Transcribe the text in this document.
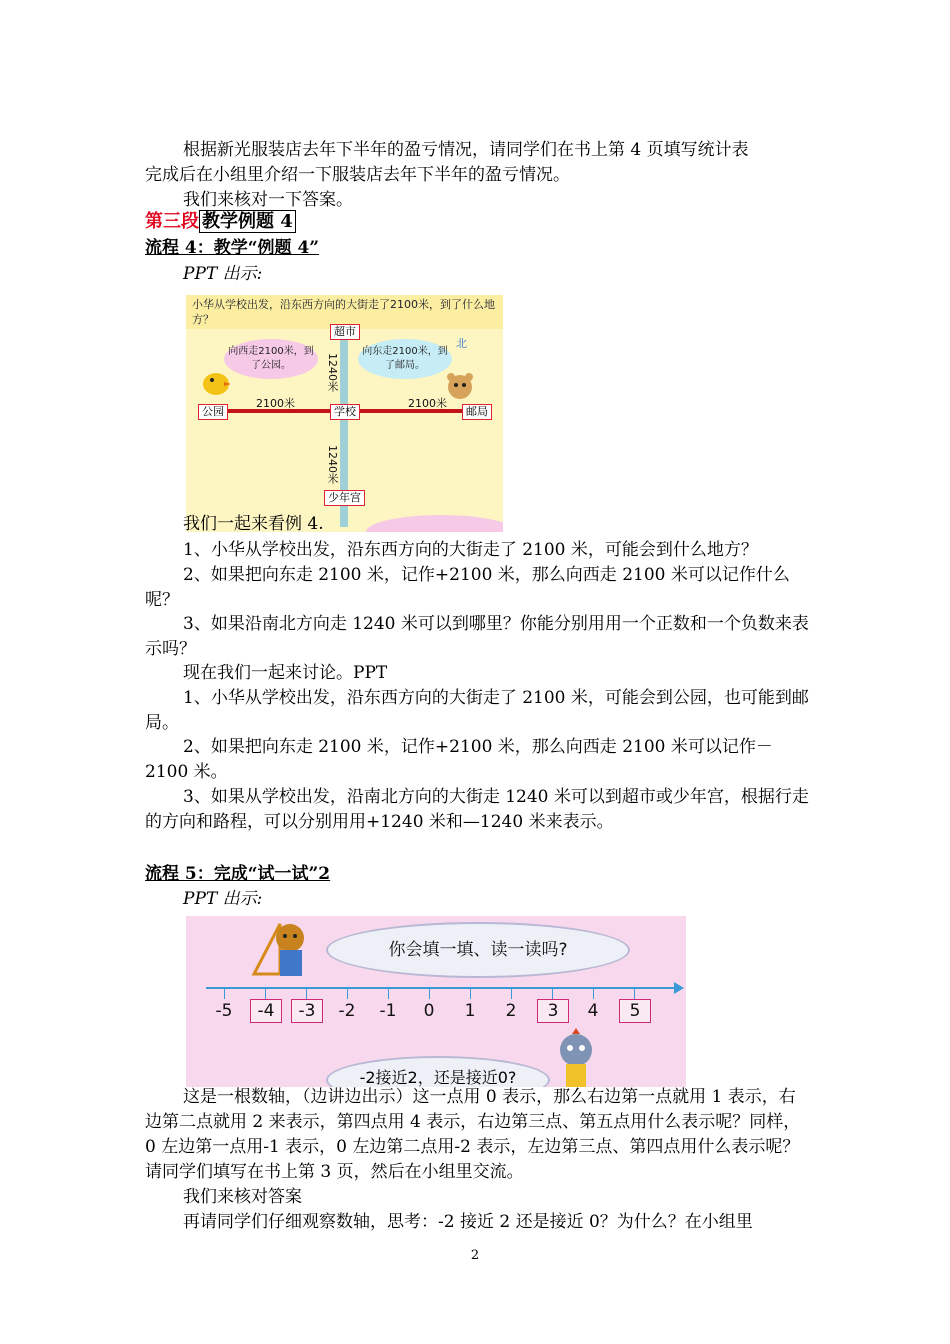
根据新光服装店去年下半年的盈亏情况，请同学们在书上第 4 页填写统计表
完成后在小组里介绍一下服装店去年下半年的盈亏情况。
我们来核对一下答案。
第三段 教学例题 4
流程 4：教学“例题 4”
PPT 出示:
小华从学校出发，沿东西方向的大街走了2100米，到了什么地方？
超市
公园	学校	邮局
少年宫
2100米	2100米
1240米
1240米
向西走2100米，到了公园。
向东走2100米，到了邮局。
北
我们一起来看例 4.
1、小华从学校出发，沿东西方向的大街走了 2100 米，可能会到什么地方？
2、如果把向东走 2100 米，记作+2100 米，那么向西走 2100 米可以记作什么呢？
3、如果沿南北方向走 1240 米可以到哪里？你能分别用用一个正数和一个负数来表示吗？
现在我们一起来讨论。PPT
1、小华从学校出发，沿东西方向的大街走了 2100 米，可能会到公园，也可能到邮局。
2、如果把向东走 2100 米，记作+2100 米，那么向西走 2100 米可以记作－2100 米。
3、如果从学校出发，沿南北方向的大街走 1240 米可以到超市或少年宫，根据行走的方向和路程，可以分别用用+1240 米和—1240 米来表示。
流程 5：完成“试一试”2
PPT 出示:
你会填一填、读一读吗?
-5	-4	-3	-2	-1	0	1	2	3	4	5
-2接近2，还是接近0?
这是一根数轴，（边讲边出示）这一点用 0 表示，那么右边第一点就用 1 表示，右边第二点就用 2 来表示，第四点用 4 表示，右边第三点、第五点用什么表示呢？同样，0 左边第一点用-1 表示，0 左边第二点用-2 表示，左边第三点、第四点用什么表示呢？请同学们填写在书上第 3 页，然后在小组里交流。
我们来核对答案
再请同学们仔细观察数轴，思考：-2 接近 2 还是接近 0？为什么？在小组里
2
